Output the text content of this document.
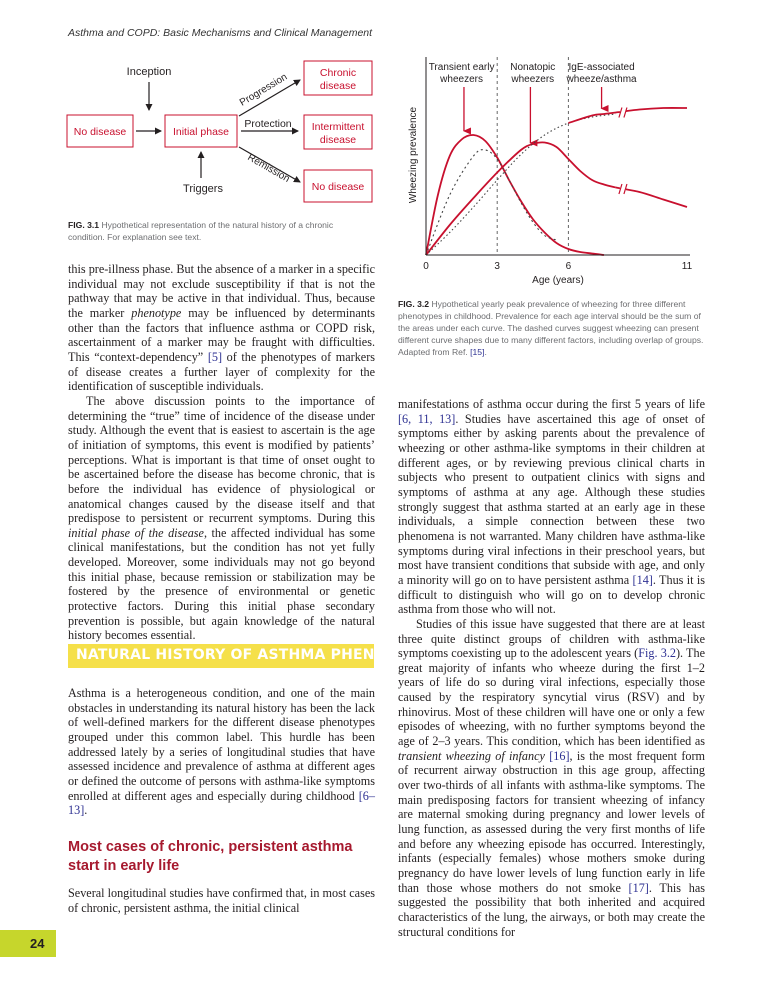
Asthma and COPD: Basic Mechanisms and Clinical Management
Inception
No disease	Initial phase
Triggers
Progression
Protection
Remission
Chronic
disease
Intermittent
disease
No disease
FIG. 3.1 Hypothetical representation of the natural history of a chronic condition. For explanation see text.
Transient early
wheezers
Nonatopic
wheezers
IgE-associated
wheeze/asthma
Wheezing prevalence
0	3	6	11
Age (years)
FIG. 3.2 Hypothetical yearly peak prevalence of wheezing for three different phenotypes in childhood. Prevalence for each age interval should be the sum of the areas under each curve. The dashed curves suggest wheezing can present different curve shapes due to many different factors, including overlap of groups. Adapted from Ref. [15].

this pre-illness phase. But the absence of a marker in a specific individual may not exclude susceptibility if that is not the pathway that may be active in that individual. Thus, because the marker phenotype may be influenced by determinants other than the factors that influence asthma or COPD risk, ascertainment of a marker may be fraught with difficulties. This “context-dependency” [5] of the phenotypes of markers of disease creates a further layer of complexity for the identification of susceptible individuals.

The above discussion points to the importance of determining the “true” time of incidence of the disease under study. Although the event that is easiest to ascertain is the age of initiation of symptoms, this event is modified by patients’ perceptions. What is important is that time of onset ought to be ascertained before the disease has become chronic, that is before the individual has evidence of physiological or anatomical changes caused by the disease itself and that predispose to persistent or recurrent symptoms. During this initial phase of the disease, the affected individual has some clinical manifestations, but the condition has not yet fully developed. Moreover, some individuals may not go beyond this initial phase, because remission or stabilization may be fostered by the presence of environmental or genetic protective factors. During this initial phase secondary prevention is possible, but again knowledge of the natural history becomes essential.

NATURAL HISTORY OF ASTHMA PHENOTYPES

Asthma is a heterogeneous condition, and one of the main obstacles in understanding its natural history has been the lack of well-defined markers for the different disease phenotypes grouped under this common label. This hurdle has been addressed lately by a series of longitudinal studies that have assessed incidence and prevalence of asthma at different ages or defined the outcome of persons with asthma-like symptoms enrolled at different ages and especially during childhood [6–13].

Most cases of chronic, persistent asthma start in early life

Several longitudinal studies have confirmed that, in most cases of chronic, persistent asthma, the initial clinical

manifestations of asthma occur during the first 5 years of life [6, 11, 13]. Studies have ascertained this age of onset of symptoms either by asking parents about the prevalence of wheezing or other asthma-like symptoms in their children at different ages, or by reviewing previous clinical charts in subjects who present to outpatient clinics with signs and symptoms of asthma at any age. Although these studies strongly suggest that asthma started at an early age in these individuals, a simple connection between these two phenomena is not warranted. Many children have asthma-like symptoms during viral infections in their preschool years, but most have transient conditions that subside with age, and only a minority will go on to have persistent asthma [14]. Thus it is difficult to distinguish who will go on to develop chronic asthma from those who will not.

Studies of this issue have suggested that there are at least three quite distinct groups of children with asthma-like symptoms coexisting up to the adolescent years (Fig. 3.2). The great majority of infants who wheeze during the first 1–2 years of life do so during viral infections, especially those caused by the respiratory syncytial virus (RSV) and by rhinovirus. Most of these children will have one or only a few episodes of wheezing, with no further symptoms beyond the age of 2–3 years. This condition, which has been identified as transient wheezing of infancy [16], is the most frequent form of recurrent airway obstruction in this age group, affecting over two-thirds of all infants with asthma-like symptoms. The main predisposing factors for transient wheezing of infancy are maternal smoking during pregnancy and lower levels of lung function, as assessed during the very first months of life and before any wheezing episode has occurred. Interestingly, infants (especially females) whose mothers smoke during pregnancy do have lower levels of lung function early in life than those whose mothers do not smoke [17]. This has suggested the possibility that both inherited and acquired characteristics of the lung, the airways, or both may create the structural conditions for

24
